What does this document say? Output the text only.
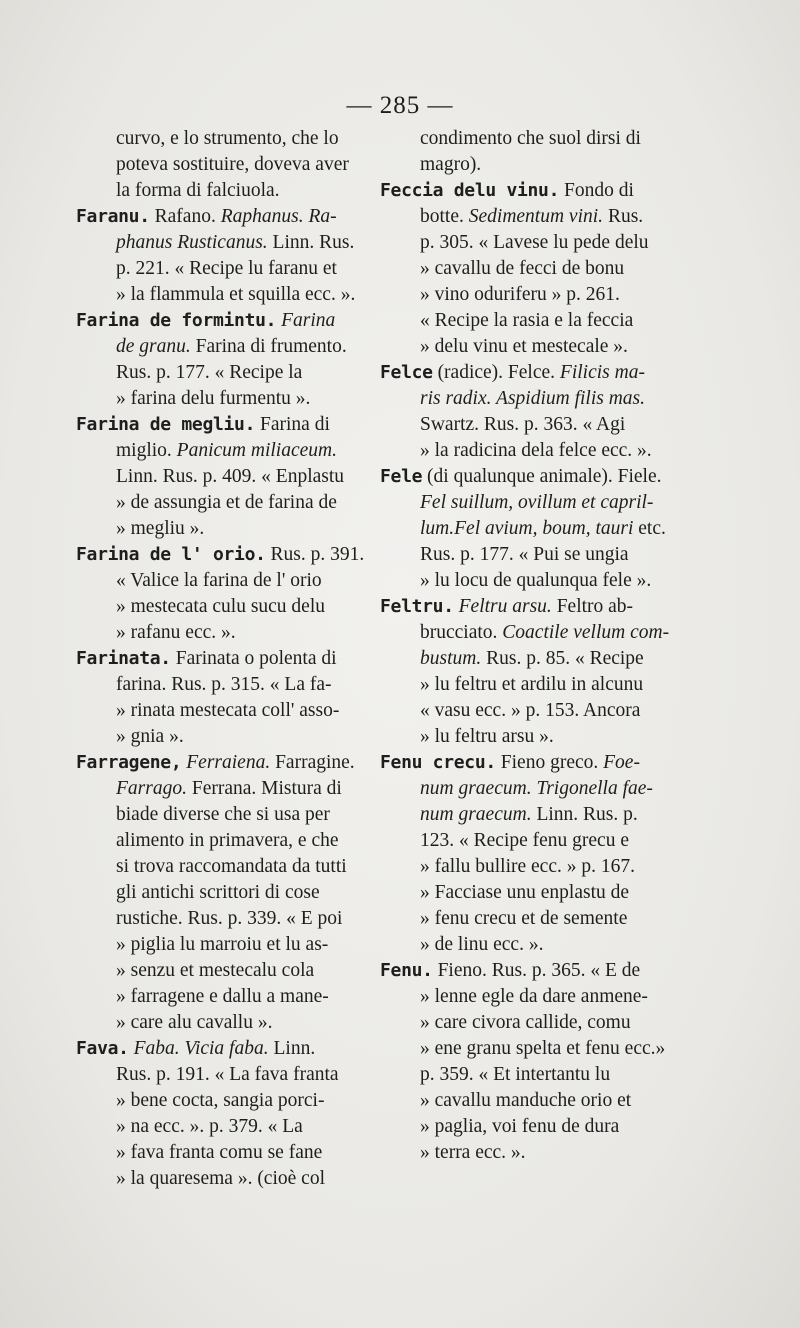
— 285 —
curvo, e lo strumento, che lo
poteva sostituire, doveva aver
la forma di falciuola.
Faranu. Rafano. Raphanus. Ra-
phanus Rusticanus. Linn. Rus.
p. 221. « Recipe lu faranu et
» la flammula et squilla ecc. ».
Farina de formintu. Farina
de granu. Farina di frumento.
Rus. p. 177. « Recipe la
» farina delu furmentu ».
Farina de megliu. Farina di
miglio. Panicum miliaceum.
Linn. Rus. p. 409. « Enplastu
» de assungia et de farina de
» megliu ».
Farina de l' orio. Rus. p. 391.
« Valice la farina de l' orio
» mestecata culu sucu delu
» rafanu ecc. ».
Farinata. Farinata o polenta di
farina. Rus. p. 315. « La fa-
» rinata mestecata coll' asso-
» gnia ».
Farragene, Ferraiena. Farragine.
Farrago. Ferrana. Mistura di
biade diverse che si usa per
alimento in primavera, e che
si trova raccomandata da tutti
gli antichi scrittori di cose
rustiche. Rus. p. 339. « E poi
» piglia lu marroiu et lu as-
» senzu et mestecalu cola
» farragene e dallu a mane-
» care alu cavallu ».
Fava. Faba. Vicia faba. Linn.
Rus. p. 191. « La fava franta
» bene cocta, sangia porci-
» na ecc. ». p. 379. « La
» fava franta comu se fane
» la quaresema ». (cioè col
condimento che suol dirsi di
magro).
Feccia delu vinu. Fondo di
botte. Sedimentum vini. Rus.
p. 305. « Lavese lu pede delu
» cavallu de fecci de bonu
» vino oduriferu » p. 261.
« Recipe la rasia e la feccia
» delu vinu et mestecale ».
Felce (radice). Felce. Filicis ma-
ris radix. Aspidium filis mas.
Swartz. Rus. p. 363. « Agi
» la radicina dela felce ecc. ».
Fele (di qualunque animale). Fiele.
Fel suillum, ovillum et capril-
lum.Fel avium, boum, tauri etc.
Rus. p. 177. « Pui se ungia
» lu locu de qualunqua fele ».
Feltru. Feltru arsu. Feltro ab-
brucciato. Coactile vellum com-
bustum. Rus. p. 85. « Recipe
» lu feltru et ardilu in alcunu
« vasu ecc. » p. 153. Ancora
» lu feltru arsu ».
Fenu crecu. Fieno greco. Foe-
num graecum. Trigonella fae-
num graecum. Linn. Rus. p.
123. « Recipe fenu grecu e
» fallu bullire ecc. » p. 167.
» Facciase unu enplastu de
» fenu crecu et de semente
» de linu ecc. ».
Fenu. Fieno. Rus. p. 365. « E de
» lenne egle da dare anmene-
» care civora callide, comu
» ene granu spelta et fenu ecc.»
p. 359. « Et intertantu lu
» cavallu manduche orio et
» paglia, voi fenu de dura
» terra ecc. ».
